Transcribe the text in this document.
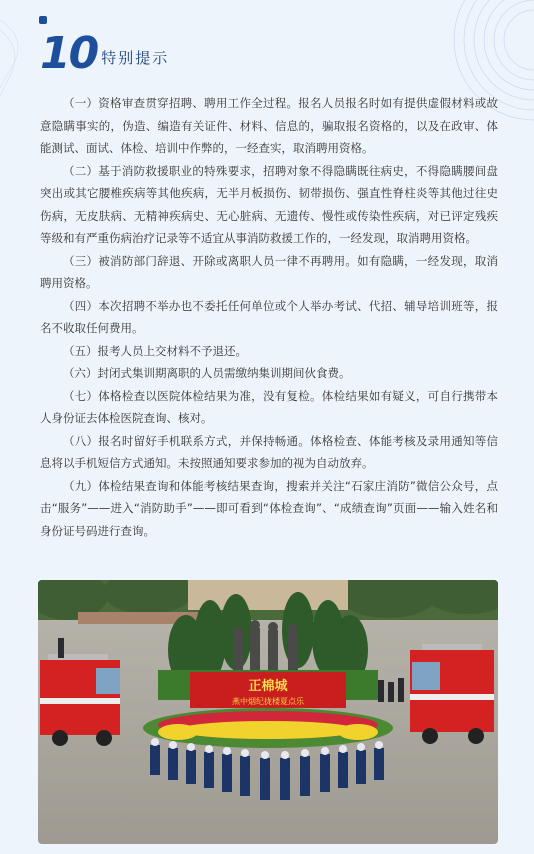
10 特别提示

（一）资格审查贯穿招聘、聘用工作全过程。报名人员报名时如有提供虚假材料或故意隐瞒事实的，伪造、编造有关证件、材料、信息的，骗取报名资格的，以及在政审、体能测试、面试、体检、培训中作弊的，一经查实，取消聘用资格。

（二）基于消防救援职业的特殊要求，招聘对象不得隐瞒既往病史，不得隐瞒腰间盘突出或其它腰椎疾病等其他疾病，无半月板损伤、韧带损伤、强直性脊柱炎等其他过往史伤病，无皮肤病、无精神疾病史、无心脏病、无遗传、慢性或传染性疾病，对已评定残疾等级和有严重伤病治疗记录等不适宜从事消防救援工作的，一经发现，取消聘用资格。

（三）被消防部门辞退、开除或离职人员一律不再聘用。如有隐瞒，一经发现，取消聘用资格。

（四）本次招聘不举办也不委托任何单位或个人举办考试、代招、辅导培训班等，报名不收取任何费用。

（五）报考人员上交材料不予退还。

（六）封闭式集训期离职的人员需缴纳集训期间伙食费。

（七）体格检查以医院体检结果为准，没有复检。体检结果如有疑义，可自行携带本人身份证去体检医院查询、核对。

（八）报名时留好手机联系方式，并保持畅通。体格检查、体能考核及录用通知等信息将以手机短信方式通知。未按照通知要求参加的视为自动放弃。

（九）体检结果查询和体能考核结果查询，搜索并关注“石家庄消防”微信公众号，点击“服务”——进入“消防助手”——即可看到“体检查询”、“成绩查询”页面——输入姓名和身份证号码进行查询。

正棉城
燕中烟纪拢楼夏点乐
